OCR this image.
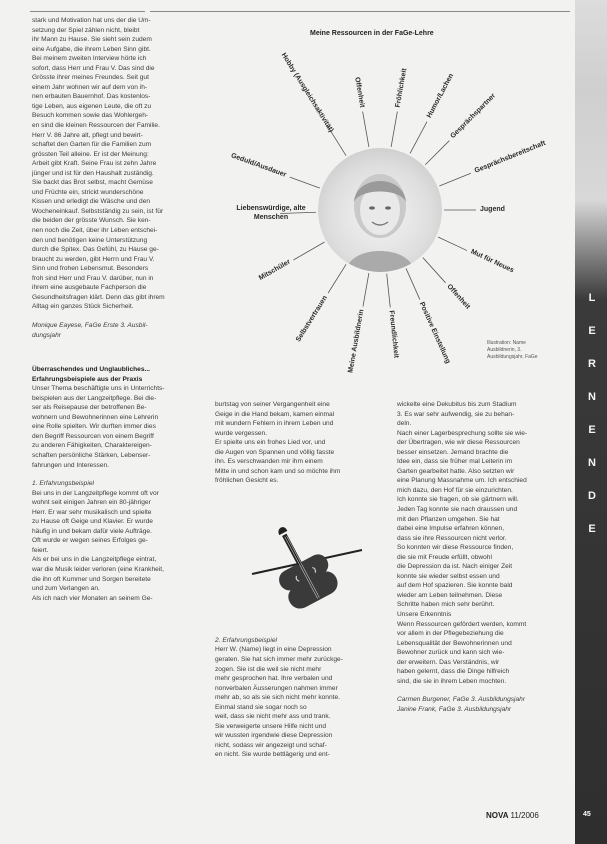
stark und Motivation hat uns der die Um-
setzung der Spiel zählen nicht, bleibt
ihr Mann zu Hause. Sie sieht sein zudem
eine Aufgabe, die ihrem Leben Sinn gibt.
Bei meinem zweiten Interview hörte ich
sofort, dass Herr und Frau V. Das sind die
Grösste ihrer meines Freundes. Seit gut
einem Jahr wohnen wir auf dem von ih-
nen erbauten Bauernhof. Das kostenlos-
tige Leben, aus eigenen Leute, die oft zu
Besuch kommen sowie das Wohlergeh-
en sind die kleinen Ressourcen der Familie.
Herr V. 86 Jahre alt, pflegt und bewirt-
schaftet den Garten für die Familien zum
grössten Teil alleine. Er ist der Meinung:
Arbeit gibt Kraft. Seine Frau ist zehn Jahre
jünger und ist für den Haushalt zuständig.
Sie backt das Brot selbst, macht Gemüse
und Früchte ein, strickt wunderschöne
Kissen und erledigt die Wäsche und den
Wocheneinkauf. Selbstständig zu sein, ist für
die beiden der grösste Wunsch. Sie ken-
nen noch die Zeit, über ihr Leben entschei-
den und benötigen keine Unterstützung
durch die Spitex. Das Gefühl, zu Hause ge-
braucht zu werden, gibt Herrn und Frau V.
Sinn und frohen Lebensmut. Besonders
froh sind Herr und Frau V. darüber, nun in
ihrem eine ausgebaute Fachperson die
Gesundheitsfragen klärt. Denn das gibt ihrem
Alltag ein ganzes Stück Sicherheit.
Monique Eayese, FaGe Erste 3. Ausbil-
dungsjahr
Überraschendes und Unglaubliches...
Erfahrungsbeispiele aus der Praxis
Unser Thema beschäftigte uns in Unterrichts-
beispielen aus der Langzeitpflege. Bei die-
ser als Reisepause der betroffenen Be-
wohnern und Bewohnerinnen eine Lehrerin
eine Rolle spielten. Wir durften immer dies
den Begriff Ressourcen von einem Begriff
zu anderen Fähigkeiten, Charaktereigen-
schaften persönliche Stärken, Lebenser-
fahrungen und Interessen.
1. Erfahrungsbeispiel
Bei uns in der Langzeitpflege kommt oft vor
wohnt seit einigen Jahren ein 80-jähriger
Herr. Er war sehr musikalisch und spielte
zu Hause oft Geige und Klavier. Er wurde
häufig in und bekam dafür viele Aufträge.
Oft wurde er wegen seines Erfolges ge-
feiert.
Als er bei uns in die Langzeitpflege eintrat,
war die Musik leider verloren (eine Krankheit,
die ihn oft Kummer und Sorgen bereitete
und zum Verlangen an.
Als ich nach vier Monaten an seinem Ge-
burtstag von seiner Vergangenheit eine
Geige in die Hand bekam, kamen einmal
mit wundern Fehlern in ihrem Leben und
wurde vergessen.
Er spielte uns ein frohes Lied vor, und
die Augen von Spannen und völlig fasste
ihn. Es verschwanden mir ihm einem
Mitte in und schon kam und so möchte ihm
fröhlichen Gesicht es.
2. Erfahrungsbeispiel
Herr W. (Name) liegt in eine Depression
geraten. Sie hat sich immer mehr zurückge-
zogen. Sie ist die weil sie nicht mehr
mehr gesprochen hat. Ihre verbalen und
nonverbalen Äusserungen nahmen immer
mehr ab, so als sie sich nicht mehr konnte.
Einmal stand sie sogar noch so
weit, dass sie nicht mehr ass und trank.
Sie verweigerte unsere Hilfe nicht und
wir wussten irgendwie diese Depression
nicht, sodass wir angezeigt und schaf-
en nicht. Sie wurde bettlägerig und ent-
wickelte eine Dekubitus bis zum Stadium
3. Es war sehr aufwendig, sie zu behan-
deln.
Nach einer Lagerbesprechung sollte sie wie-
der Übertragen, wie wir diese Ressourcen
besser einsetzen. Jemand brachte die
Idee ein, dass sie früher mal Leiterin im
Garten gearbeitet hatte. Also setzten wir
eine Planung Massnahme um. Ich entschied
mich dazu, den Hof für sie einzurichten.
Ich konnte sie fragen, ob sie gärtnern will.
Jeden Tag konnte sie nach draussen und
mit den Pflanzen umgehen. Sie hat
dabei eine Impulse erfahren können,
dass sie ihre Ressourcen nicht verlor.
So konnten wir diese Ressource finden,
die sie mit Freude erfüllt, obwohl
die Depression da ist. Nach einiger Zeit
konnte sie wieder selbst essen und
auf dem Hof spazieren. Sie konnte bald
wieder am Leben teilnehmen. Diese
Schritte haben mich sehr berührt.
Unsere Erkenntnis
Wenn Ressourcen gefördert werden, kommt
vor allem in der Pflegebeziehung die
Lebensqualität der Bewohnerinnen und
Bewohner zurück und kann sich wie-
der erweitern. Das Verständnis, wir
haben gelernt, dass die Dinge hilfreich
sind, die sie in ihrem Leben mochten.
Carmen Burgener, FaGe 3. Ausbildungsjahr
Janine Frank, FaGe 3. Ausbildungsjahr
Meine Ressourcen in der FaGe-Lehre
Hobby (Ausgleichsaktivität)
Geduld/Ausdauer
Liebenswürdige, alte Menschen
Mitschüler
Selbstvertrauen	Meine Ausbildnerin	Freundlichkeit	Positive Einstellung
Offenheit
Mut für Neues
Jugend
Gesprächsbereitschaft
Gesprächspartner
Humor/Lachen
Fröhlichkeit
Offenheit
Illustration: Name Ausbildnerin, 3. Ausbildungsjahr, FaGe
L
E
R
N
E
N
D
E
NOVA 11/2006	45
